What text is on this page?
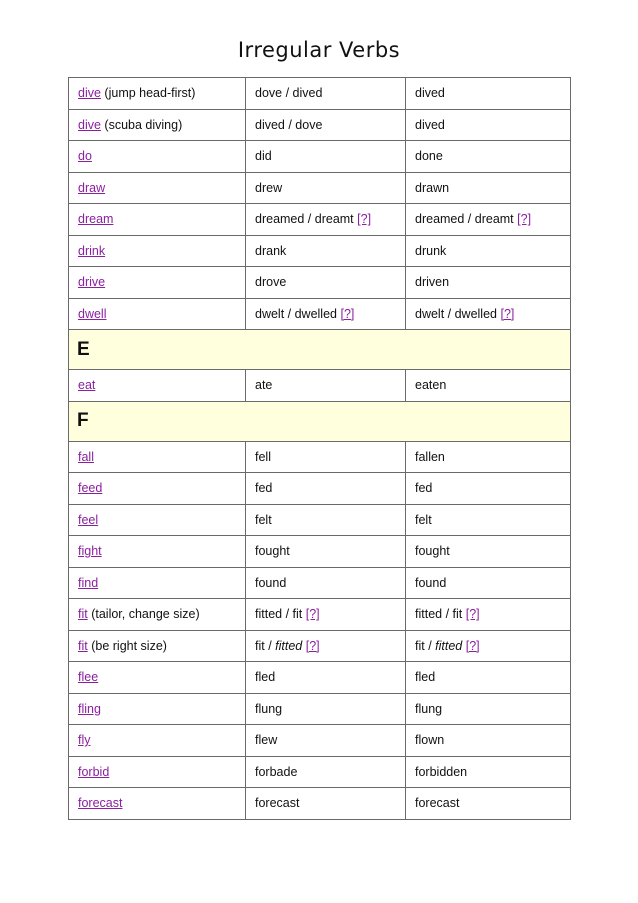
Irregular Verbs
dive (jump head-first)	dove / dived	dived
dive (scuba diving)	dived / dove	dived
do	did	done
draw	drew	drawn
dream	dreamed / dreamt [?]	dreamed / dreamt [?]
drink	drank	drunk
drive	drove	driven
dwell	dwelt / dwelled [?]	dwelt / dwelled [?]
E		
eat	ate	eaten
F		
fall	fell	fallen
feed	fed	fed
feel	felt	felt
fight	fought	fought
find	found	found
fit (tailor, change size)	fitted / fit [?]	fitted / fit [?]
fit (be right size)	fit / fitted [?]	fit / fitted [?]
flee	fled	fled
fling	flung	flung
fly	flew	flown
forbid	forbade	forbidden
forecast	forecast	forecast
